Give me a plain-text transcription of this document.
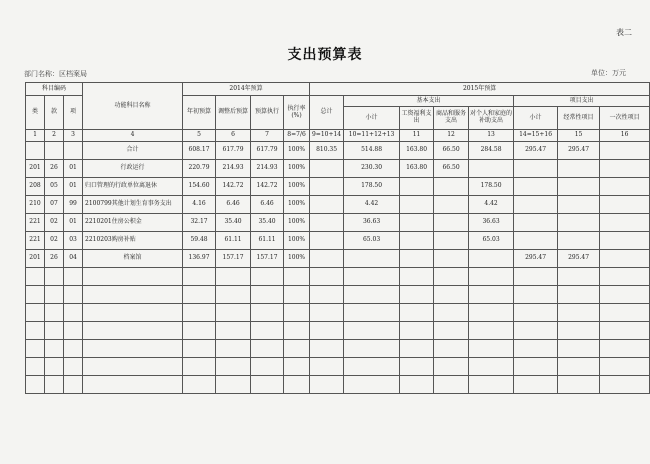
表二
支出预算表
部门名称：区档案局	单位：万元
科目编码			功能科目名称	2014年预算				2015年预算							
类	款	项		年初预算	调整后预算	预算执行	执行率(%)	总计	基本支出				项目支出		
									小计	工资福利支出	商品和服务支出	对个人和家庭的补助支出	小计	经常性项目	一次性项目
1	2	3	4	5	6	7	8=7/6	9=10+14	10=11+12+13	11	12	13	14=15+16	15	16
			合计	608.17	617.79	617.79	100%	810.35	514.88	163.80	66.50	284.58	295.47	295.47	
201	26	01	行政运行	220.79	214.93	214.93	100%		230.30	163.80	66.50				
208	05	01	归口管理的行政单位离退休	154.60	142.72	142.72	100%		178.50			178.50			
210	07	99	2100799其他计划生育事务支出	4.16	6.46	6.46	100%		4.42			4.42			
221	02	01	2210201住房公积金	32.17	35.40	35.40	100%		36.63			36.63			
221	02	03	2210203购房补贴	59.48	61.11	61.11	100%		65.03			65.03			
201	26	04	档案馆	136.97	157.17	157.17	100%						295.47	295.47	
